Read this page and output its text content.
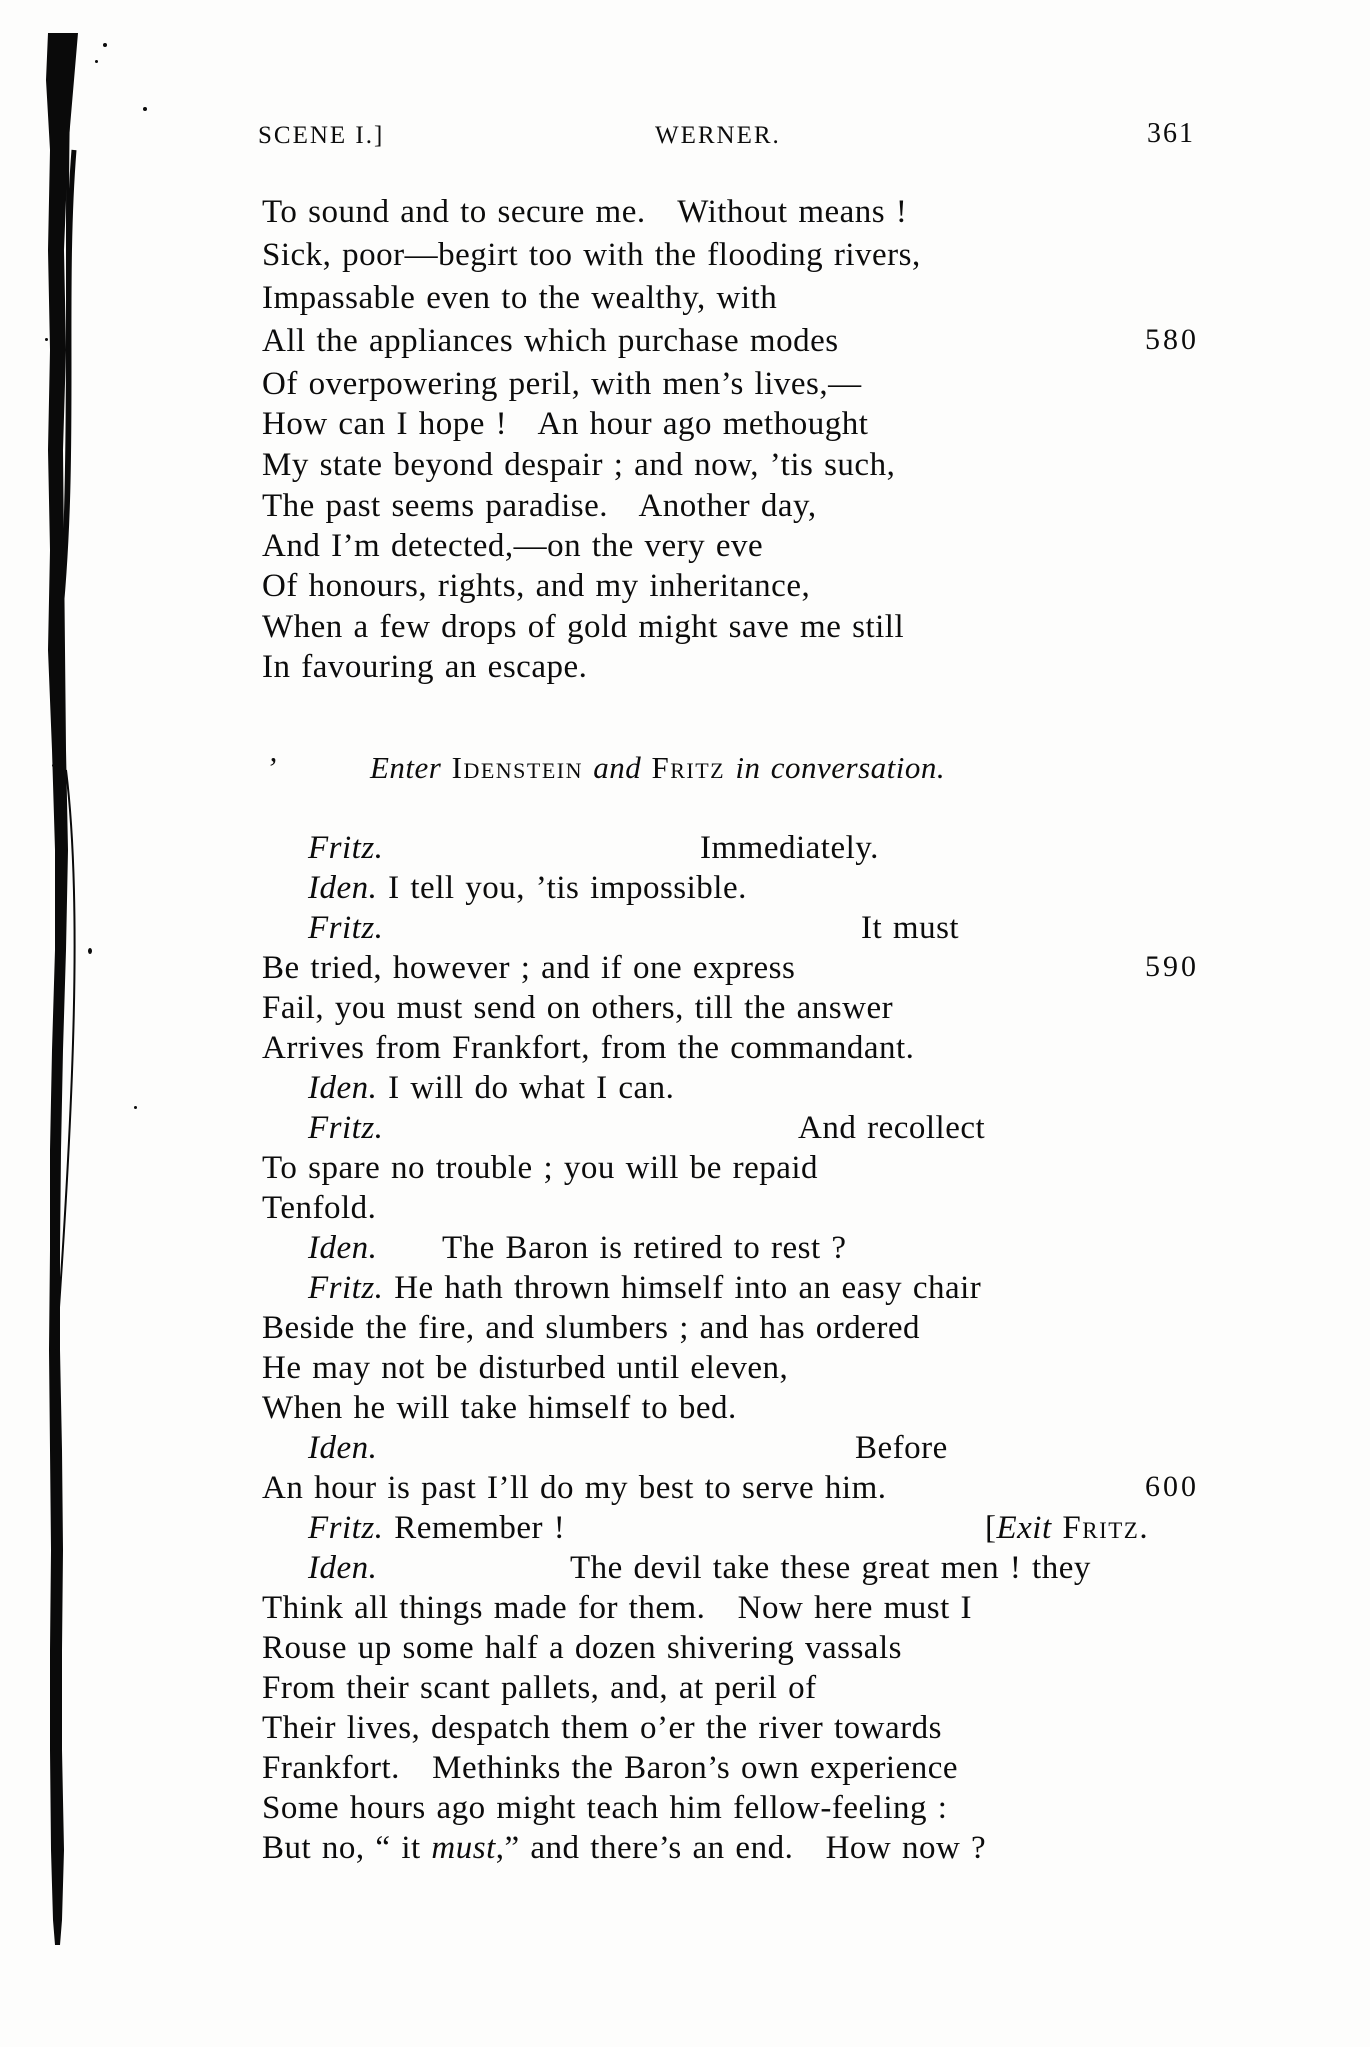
SCENE I.]	WERNER.	361
To sound and to secure me.   Without means !
Sick, poor—begirt too with the flooding rivers,
Impassable even to the wealthy, with
All the appliances which purchase modes	580
Of overpowering peril, with men’s lives,—
How can I hope !   An hour ago methought
My state beyond despair ; and now, ’tis such,
The past seems paradise.   Another day,
And I’m detected,—on the very eve
Of honours, rights, and my inheritance,
When a few drops of gold might save me still
In favouring an escape.
Enter Idenstein and Fritz in conversation.
’
Fritz.	Immediately.
Iden. I tell you, ’tis impossible.
Fritz.	It must
Be tried, however ; and if one express	590
Fail, you must send on others, till the answer
Arrives from Frankfort, from the commandant.
Iden. I will do what I can.
Fritz.	And recollect
To spare no trouble ; you will be repaid
Tenfold.
Iden. The Baron is retired to rest ?
Fritz. He hath thrown himself into an easy chair
Beside the fire, and slumbers ; and has ordered
He may not be disturbed until eleven,
When he will take himself to bed.
Iden.	Before
An hour is past I’ll do my best to serve him.	600
Fritz. Remember !	[Exit Fritz.
Iden.	The devil take these great men ! they
Think all things made for them.   Now here must I
Rouse up some half a dozen shivering vassals
From their scant pallets, and, at peril of
Their lives, despatch them o’er the river towards
Frankfort.   Methinks the Baron’s own experience
Some hours ago might teach him fellow-feeling :
But no, “ it must,” and there’s an end.   How now ?
